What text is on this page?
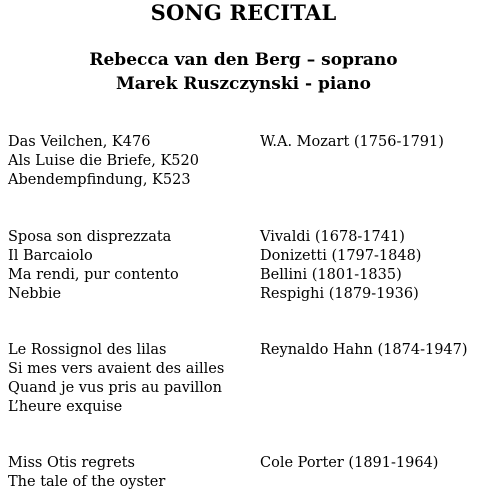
SONG RECITAL
Rebecca van den Berg – soprano
Marek Ruszczynski - piano
Das Veilchen, K476
Als Luise die Briefe, K520
Abendempfindung, K523
W.A. Mozart (1756-1791)
Sposa son disprezzata
Il Barcaiolo
Ma rendi, pur contento
Nebbie
Vivaldi (1678-1741)
Donizetti (1797-1848)
Bellini (1801-1835)
Respighi (1879-1936)
Le Rossignol des lilas
Si mes vers avaient des ailles
Quand je vus pris au pavillon
L’heure exquise
Reynaldo Hahn (1874-1947)
Miss Otis regrets
The tale of the oyster
Cole Porter (1891-1964)
